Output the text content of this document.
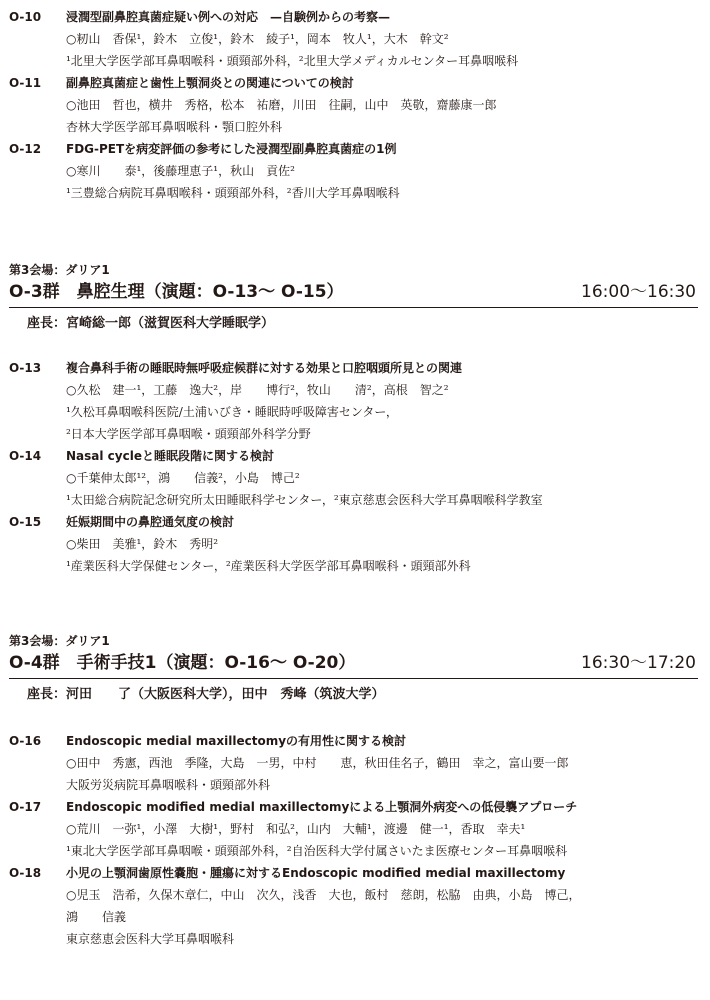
O-10	浸潤型副鼻腔真菌症疑い例への対応　—自験例からの考察—
○籾山　香保¹，鈴木　立俊¹，鈴木　綾子¹，岡本　牧人¹，大木　幹文²
¹北里大学医学部耳鼻咽喉科・頭頸部外科，²北里大学メディカルセンター耳鼻咽喉科
O-11	副鼻腔真菌症と歯性上顎洞炎との関連についての検討
○池田　哲也，横井　秀格，松本　祐磨，川田　往嗣，山中　英敬，齋藤康一郎
杏林大学医学部耳鼻咽喉科・顎口腔外科
O-12	FDG-PETを病変評価の参考にした浸潤型副鼻腔真菌症の1例
○寒川　　泰¹，後藤理恵子¹，秋山　貢佐²
¹三豊総合病院耳鼻咽喉科・頭頸部外科，²香川大学耳鼻咽喉科
第3会場：ダリア1
O-3群　鼻腔生理（演題：O-13〜 O-15）	16:00〜16:30
座長：宮崎総一郎（滋賀医科大学睡眠学）
O-13	複合鼻科手術の睡眠時無呼吸症候群に対する効果と口腔咽頭所見との関連
○久松　建一¹，工藤　逸大²，岸　　博行²，牧山　　清²，高根　智之²
¹久松耳鼻咽喉科医院/土浦いびき・睡眠時呼吸障害センター，
²日本大学医学部耳鼻咽喉・頭頸部外科学分野
O-14	Nasal cycleと睡眠段階に関する検討
○千葉伸太郎¹²，鴻　　信義²，小島　博己²
¹太田総合病院記念研究所太田睡眠科学センター，²東京慈恵会医科大学耳鼻咽喉科学教室
O-15	妊娠期間中の鼻腔通気度の検討
○柴田　美雅¹，鈴木　秀明²
¹産業医科大学保健センター，²産業医科大学医学部耳鼻咽喉科・頭頸部外科
第3会場：ダリア1
O-4群　手術手技1（演題：O-16〜 O-20）	16:30〜17:20
座長：河田　　了（大阪医科大学），田中　秀峰（筑波大学）
O-16	Endoscopic medial maxillectomyの有用性に関する検討
○田中　秀憲，西池　季隆，大島　一男，中村　　恵，秋田佳名子，鶴田　幸之，富山要一郎
大阪労災病院耳鼻咽喉科・頭頸部外科
O-17	Endoscopic modified medial maxillectomyによる上顎洞外病変への低侵襲アプローチ
○荒川　一弥¹，小澤　大樹¹，野村　和弘²，山内　大輔¹，渡邊　健一¹，香取　幸夫¹
¹東北大学医学部耳鼻咽喉・頭頸部外科，²自治医科大学付属さいたま医療センター耳鼻咽喉科
O-18	小児の上顎洞歯原性嚢胞・腫瘍に対するEndoscopic modified medial maxillectomy
○児玉　浩希，久保木章仁，中山　次久，浅香　大也，飯村　慈朗，松脇　由典，小島　博己，
鴻　　信義
東京慈恵会医科大学耳鼻咽喉科
